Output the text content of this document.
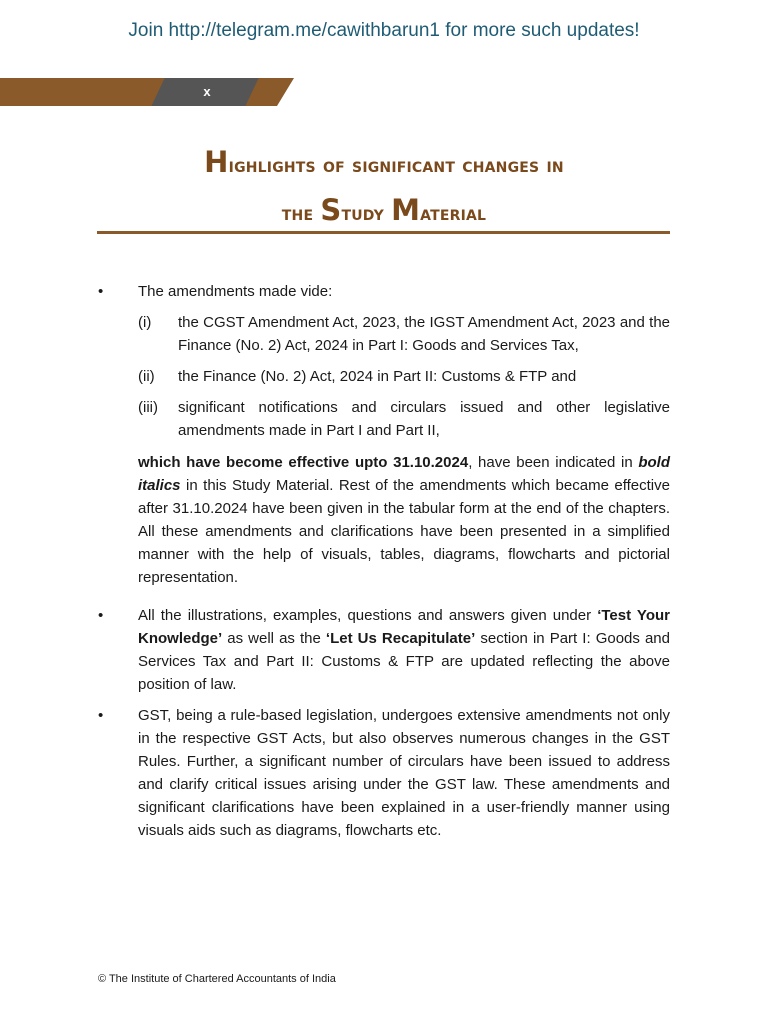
Join http://telegram.me/cawithbarun1 for more such updates!
x
Highlights of significant changes in
the Study Material
• The amendments made vide:

(i) the CGST Amendment Act, 2023, the IGST Amendment Act, 2023 and the Finance (No. 2) Act, 2024 in Part I: Goods and Services Tax,
(ii) the Finance (No. 2) Act, 2024 in Part II: Customs & FTP and
(iii) significant notifications and circulars issued and other legislative amendments made in Part I and Part II,

which have become effective upto 31.10.2024, have been indicated in bold italics in this Study Material. Rest of the amendments which became effective after 31.10.2024 have been given in the tabular form at the end of the chapters. All these amendments and clarifications have been presented in a simplified manner with the help of visuals, tables, diagrams, flowcharts and pictorial representation.

• All the illustrations, examples, questions and answers given under ‘Test Your Knowledge’ as well as the ‘Let Us Recapitulate’ section in Part I: Goods and Services Tax and Part II: Customs & FTP are updated reflecting the above position of law.

• GST, being a rule-based legislation, undergoes extensive amendments not only in the respective GST Acts, but also observes numerous changes in the GST Rules. Further, a significant number of circulars have been issued to address and clarify critical issues arising under the GST law. These amendments and significant clarifications have been explained in a user-friendly manner using visuals aids such as diagrams, flowcharts etc.

© The Institute of Chartered Accountants of India
